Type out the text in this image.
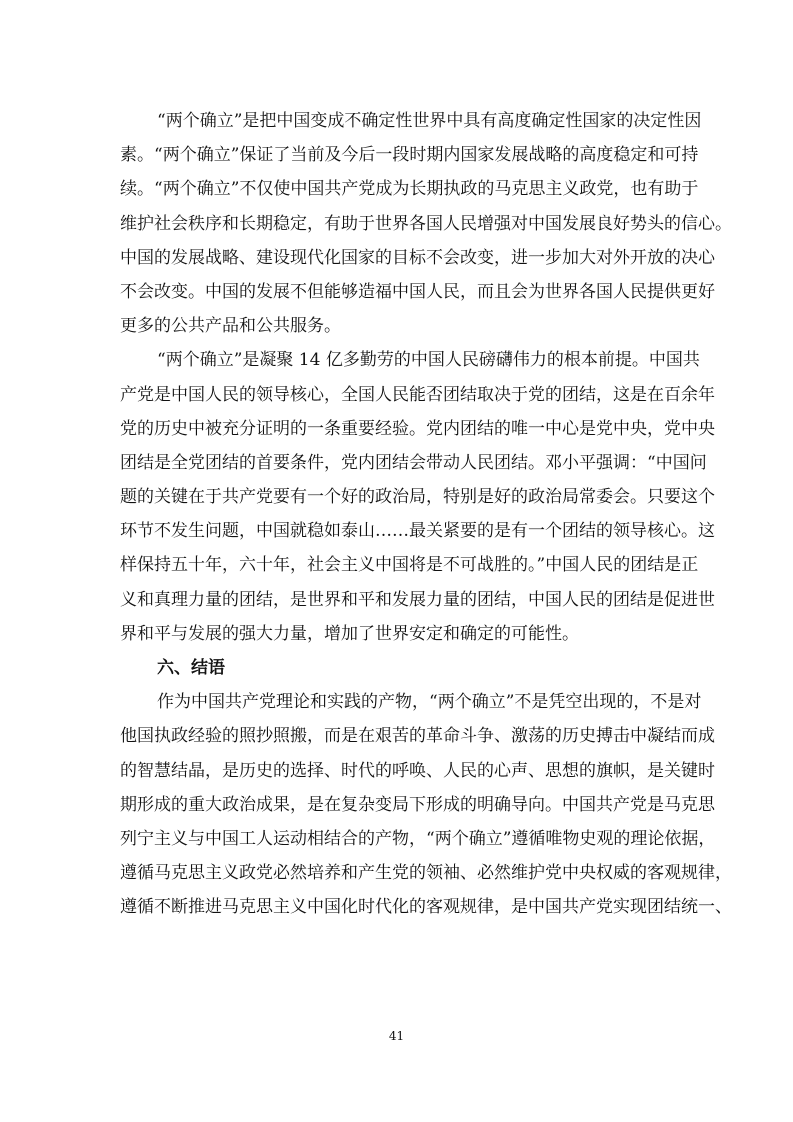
“两个确立”是把中国变成不确定性世界中具有高度确定性国家的决定性因
素。“两个确立”保证了当前及今后一段时期内国家发展战略的高度稳定和可持
续。“两个确立”不仅使中国共产党成为长期执政的马克思主义政党，也有助于
维护社会秩序和长期稳定，有助于世界各国人民增强对中国发展良好势头的信心。
中国的发展战略、建设现代化国家的目标不会改变，进一步加大对外开放的决心
不会改变。中国的发展不但能够造福中国人民，而且会为世界各国人民提供更好
更多的公共产品和公共服务。
“两个确立”是凝聚 14 亿多勤劳的中国人民磅礴伟力的根本前提。中国共
产党是中国人民的领导核心，全国人民能否团结取决于党的团结，这是在百余年
党的历史中被充分证明的一条重要经验。党内团结的唯一中心是党中央，党中央
团结是全党团结的首要条件，党内团结会带动人民团结。邓小平强调：“中国问
题的关键在于共产党要有一个好的政治局，特别是好的政治局常委会。只要这个
环节不发生问题，中国就稳如泰山……最关紧要的是有一个团结的领导核心。这
样保持五十年，六十年，社会主义中国将是不可战胜的。”中国人民的团结是正
义和真理力量的团结，是世界和平和发展力量的团结，中国人民的团结是促进世
界和平与发展的强大力量，增加了世界安定和确定的可能性。
六、结语
作为中国共产党理论和实践的产物，“两个确立”不是凭空出现的，不是对
他国执政经验的照抄照搬，而是在艰苦的革命斗争、激荡的历史搏击中凝结而成
的智慧结晶，是历史的选择、时代的呼唤、人民的心声、思想的旗帜，是关键时
期形成的重大政治成果，是在复杂变局下形成的明确导向。中国共产党是马克思
列宁主义与中国工人运动相结合的产物，“两个确立”遵循唯物史观的理论依据，
遵循马克思主义政党必然培养和产生党的领袖、必然维护党中央权威的客观规律，
遵循不断推进马克思主义中国化时代化的客观规律，是中国共产党实现团结统一、
41
